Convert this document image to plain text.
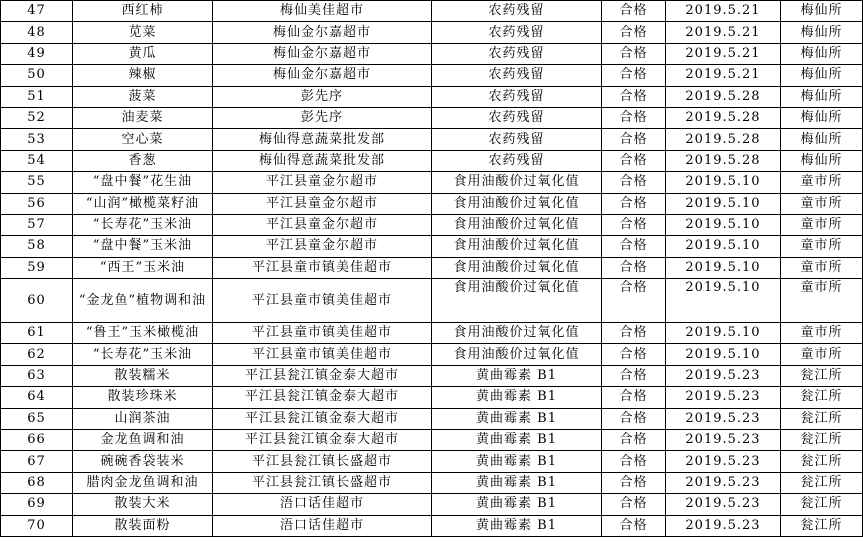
47	西红柿	梅仙美佳超市	农药残留	合格	2019.5.21	梅仙所
48	苋菜	梅仙金尔嘉超市	农药残留	合格	2019.5.21	梅仙所
49	黄瓜	梅仙金尔嘉超市	农药残留	合格	2019.5.21	梅仙所
50	辣椒	梅仙金尔嘉超市	农药残留	合格	2019.5.21	梅仙所
51	菠菜	彭先序	农药残留	合格	2019.5.28	梅仙所
52	油麦菜	彭先序	农药残留	合格	2019.5.28	梅仙所
53	空心菜	梅仙得意蔬菜批发部	农药残留	合格	2019.5.28	梅仙所
54	香葱	梅仙得意蔬菜批发部	农药残留	合格	2019.5.28	梅仙所
55	“盘中餐”花生油	平江县童金尔超市	食用油酸价过氧化值	合格	2019.5.10	童市所
56	“山润”橄榄菜籽油	平江县童金尔超市	食用油酸价过氧化值	合格	2019.5.10	童市所
57	“长寿花”玉米油	平江县童金尔超市	食用油酸价过氧化值	合格	2019.5.10	童市所
58	“盘中餐”玉米油	平江县童金尔超市	食用油酸价过氧化值	合格	2019.5.10	童市所
59	“西王”玉米油	平江县童市镇美佳超市	食用油酸价过氧化值	合格	2019.5.10	童市所
60	“金龙鱼”植物调和油	平江县童市镇美佳超市	食用油酸价过氧化值	合格	2019.5.10	童市所
61	“鲁王”玉米橄榄油	平江县童市镇美佳超市	食用油酸价过氧化值	合格	2019.5.10	童市所
62	“长寿花”玉米油	平江县童市镇美佳超市	食用油酸价过氧化值	合格	2019.5.10	童市所
63	散装糯米	平江县瓮江镇金泰大超市	黄曲霉素 B1	合格	2019.5.23	瓮江所
64	散装珍珠米	平江县瓮江镇金泰大超市	黄曲霉素 B1	合格	2019.5.23	瓮江所
65	山润茶油	平江县瓮江镇金泰大超市	黄曲霉素 B1	合格	2019.5.23	瓮江所
66	金龙鱼调和油	平江县瓮江镇金泰大超市	黄曲霉素 B1	合格	2019.5.23	瓮江所
67	碗碗香袋装米	平江县瓮江镇长盛超市	黄曲霉素 B1	合格	2019.5.23	瓮江所
68	腊肉金龙鱼调和油	平江县瓮江镇长盛超市	黄曲霉素 B1	合格	2019.5.23	瓮江所
69	散装大米	浯口话佳超市	黄曲霉素 B1	合格	2019.5.23	瓮江所
70	散装面粉	浯口话佳超市	黄曲霉素 B1	合格	2019.5.23	瓮江所
